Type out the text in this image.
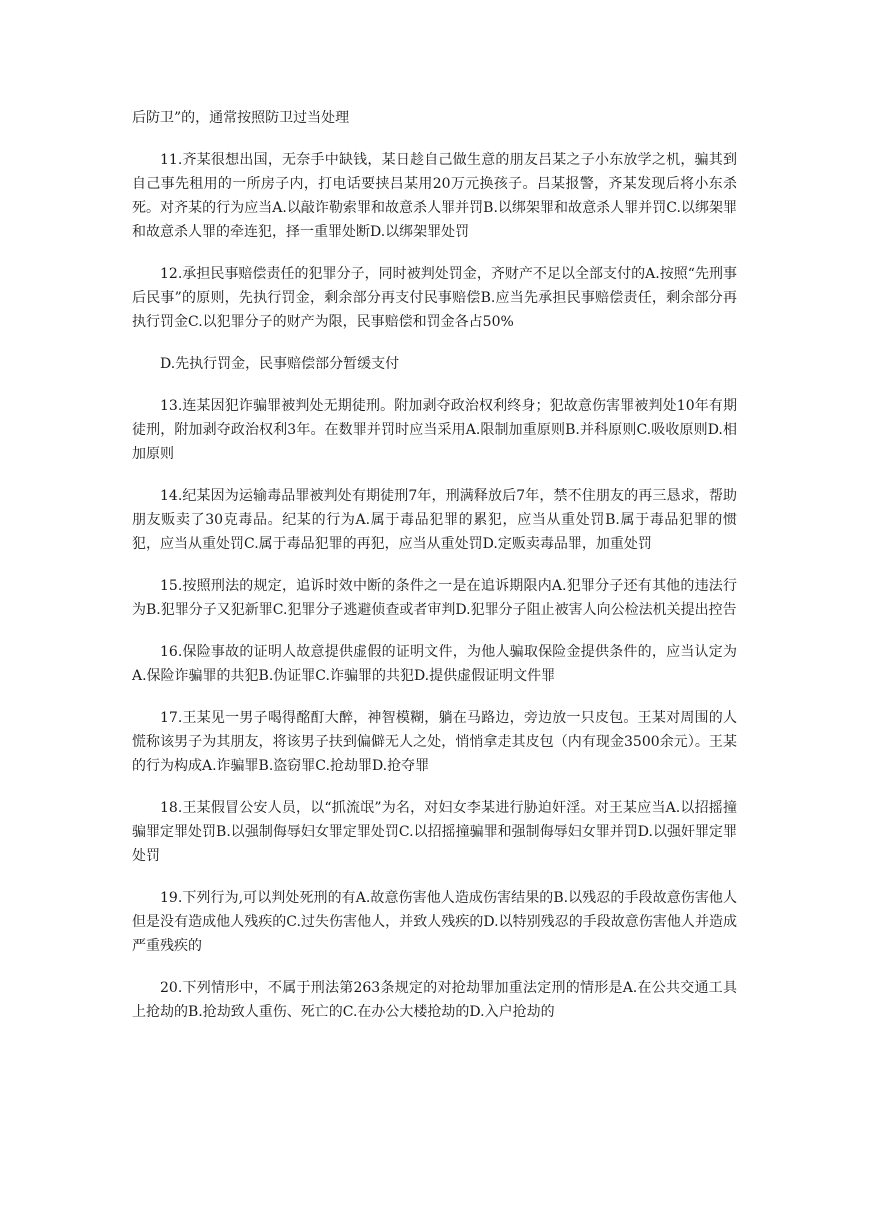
后防卫”的，通常按照防卫过当处理

11.齐某很想出国，无奈手中缺钱，某日趁自己做生意的朋友吕某之子小东放学之机，骗其到自己事先租用的一所房子内，打电话要挟吕某用20万元换孩子。吕某报警，齐某发现后将小东杀死。对齐某的行为应当A.以敲诈勒索罪和故意杀人罪并罚B.以绑架罪和故意杀人罪并罚C.以绑架罪和故意杀人罪的牵连犯，择一重罪处断D.以绑架罪处罚

12.承担民事赔偿责任的犯罪分子，同时被判处罚金，齐财产不足以全部支付的A.按照“先刑事后民事”的原则，先执行罚金，剩余部分再支付民事赔偿B.应当先承担民事赔偿责任，剩余部分再执行罚金C.以犯罪分子的财产为限，民事赔偿和罚金各占50%

D.先执行罚金，民事赔偿部分暂缓支付

13.连某因犯诈骗罪被判处无期徒刑。附加剥夺政治权利终身；犯故意伤害罪被判处10年有期徒刑，附加剥夺政治权利3年。在数罪并罚时应当采用A.限制加重原则B.并科原则C.吸收原则D.相加原则

14.纪某因为运输毒品罪被判处有期徒刑7年，刑满释放后7年，禁不住朋友的再三恳求，帮助朋友贩卖了30克毒品。纪某的行为A.属于毒品犯罪的累犯，应当从重处罚B.属于毒品犯罪的惯犯，应当从重处罚C.属于毒品犯罪的再犯，应当从重处罚D.定贩卖毒品罪，加重处罚

15.按照刑法的规定，追诉时效中断的条件之一是在追诉期限内A.犯罪分子还有其他的违法行为B.犯罪分子又犯新罪C.犯罪分子逃避侦查或者审判D.犯罪分子阻止被害人向公检法机关提出控告

16.保险事故的证明人故意提供虚假的证明文件，为他人骗取保险金提供条件的，应当认定为A.保险诈骗罪的共犯B.伪证罪C.诈骗罪的共犯D.提供虚假证明文件罪

17.王某见一男子喝得酩酊大醉，神智模糊，躺在马路边，旁边放一只皮包。王某对周围的人慌称该男子为其朋友，将该男子扶到偏僻无人之处，悄悄拿走其皮包（内有现金3500余元）。王某的行为构成A.诈骗罪B.盗窃罪C.抢劫罪D.抢夺罪

18.王某假冒公安人员，以“抓流氓”为名，对妇女李某进行胁迫奸淫。对王某应当A.以招摇撞骗罪定罪处罚B.以强制侮辱妇女罪定罪处罚C.以招摇撞骗罪和强制侮辱妇女罪并罚D.以强奸罪定罪处罚

19.下列行为,可以判处死刑的有A.故意伤害他人造成伤害结果的B.以残忍的手段故意伤害他人但是没有造成他人残疾的C.过失伤害他人，并致人残疾的D.以特别残忍的手段故意伤害他人并造成严重残疾的

20.下列情形中，不属于刑法第263条规定的对抢劫罪加重法定刑的情形是A.在公共交通工具上抢劫的B.抢劫致人重伤、死亡的C.在办公大楼抢劫的D.入户抢劫的
